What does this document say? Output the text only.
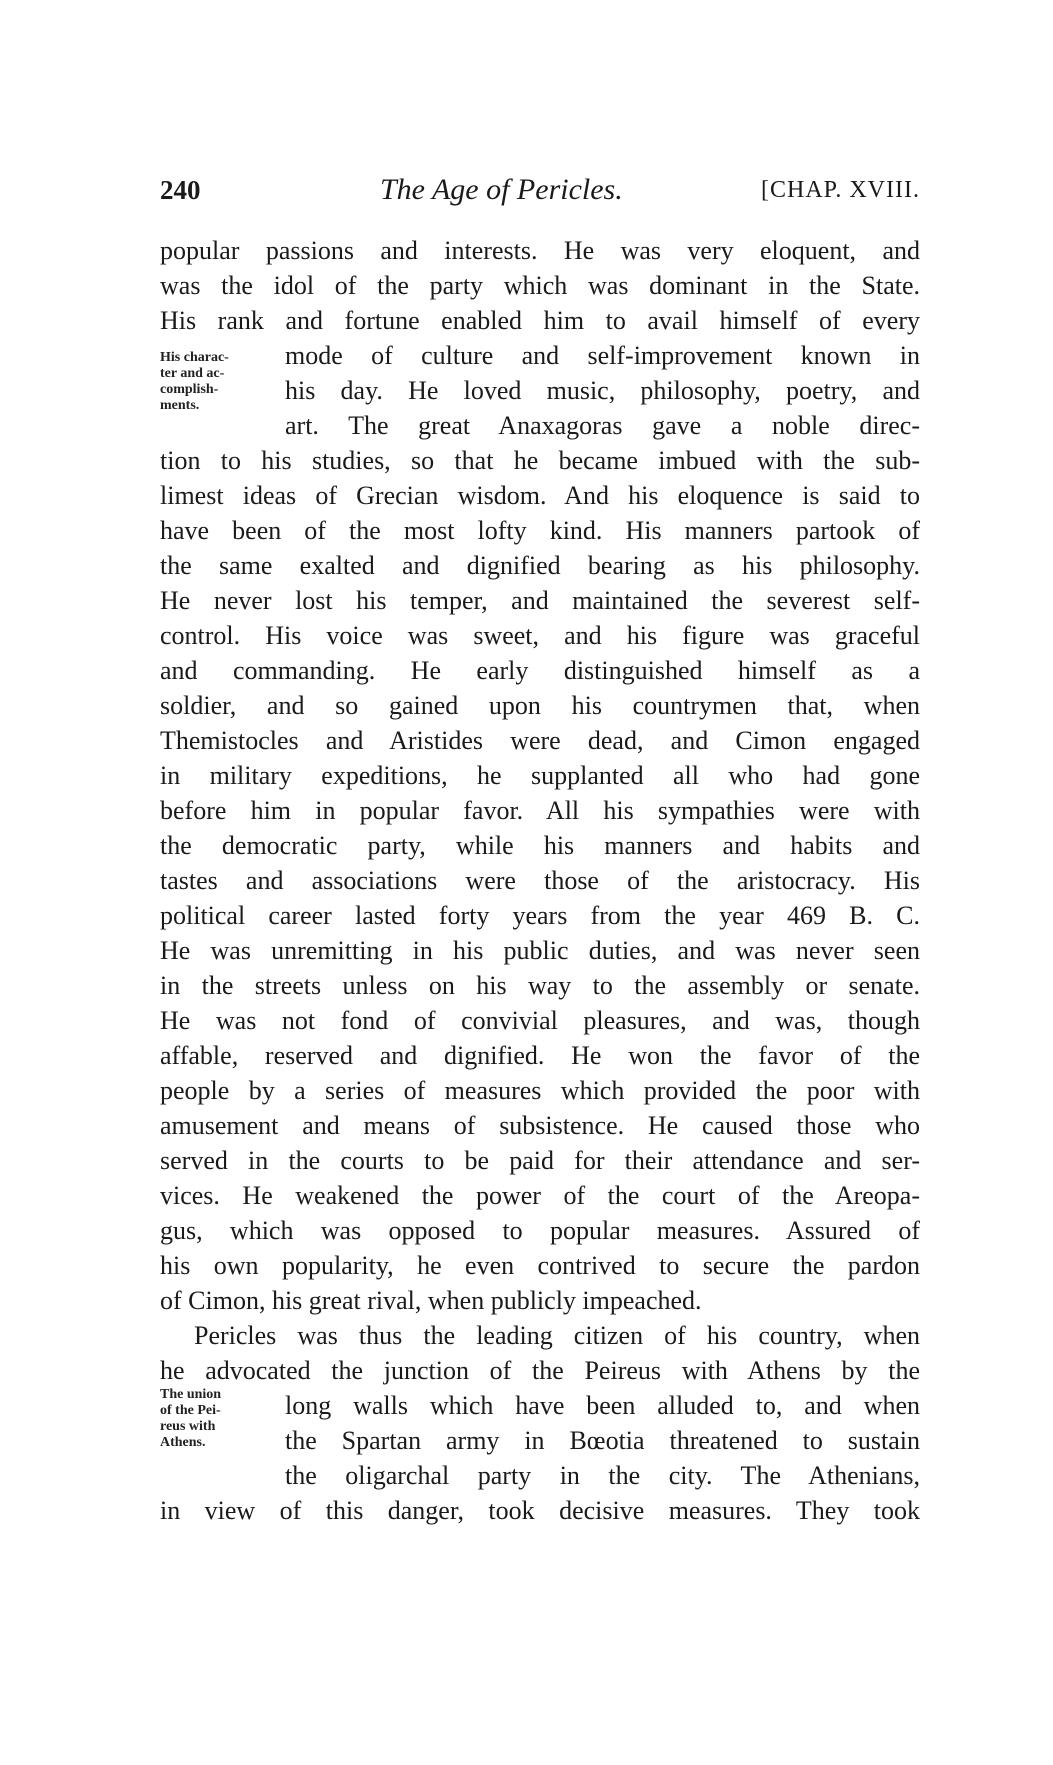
240	The Age of Pericles.	[CHAP. XVIII.
His charac-
ter and ac-
complish-
ments.
The union
of the Pei-
reus with
Athens.
popular passions and interests. He was very eloquent, and
was the idol of the party which was dominant in the State.
His rank and fortune enabled him to avail himself of every
mode of culture and self-improvement known in
his day. He loved music, philosophy, poetry, and
art. The great Anaxagoras gave a noble direc-
tion to his studies, so that he became imbued with the sub-
limest ideas of Grecian wisdom. And his eloquence is said to
have been of the most lofty kind. His manners partook of
the same exalted and dignified bearing as his philosophy.
He never lost his temper, and maintained the severest self-
control. His voice was sweet, and his figure was graceful
and commanding. He early distinguished himself as a
soldier, and so gained upon his countrymen that, when
Themistocles and Aristides were dead, and Cimon engaged
in military expeditions, he supplanted all who had gone
before him in popular favor. All his sympathies were with
the democratic party, while his manners and habits and
tastes and associations were those of the aristocracy. His
political career lasted forty years from the year 469 B. C.
He was unremitting in his public duties, and was never seen
in the streets unless on his way to the assembly or senate.
He was not fond of convivial pleasures, and was, though
affable, reserved and dignified. He won the favor of the
people by a series of measures which provided the poor with
amusement and means of subsistence. He caused those who
served in the courts to be paid for their attendance and ser-
vices. He weakened the power of the court of the Areopa-
gus, which was opposed to popular measures. Assured of
his own popularity, he even contrived to secure the pardon
of Cimon, his great rival, when publicly impeached.
Pericles was thus the leading citizen of his country, when
he advocated the junction of the Peireus with Athens by the
long walls which have been alluded to, and when
the Spartan army in Bœotia threatened to sustain
the oligarchal party in the city. The Athenians,
in view of this danger, took decisive measures. They took
